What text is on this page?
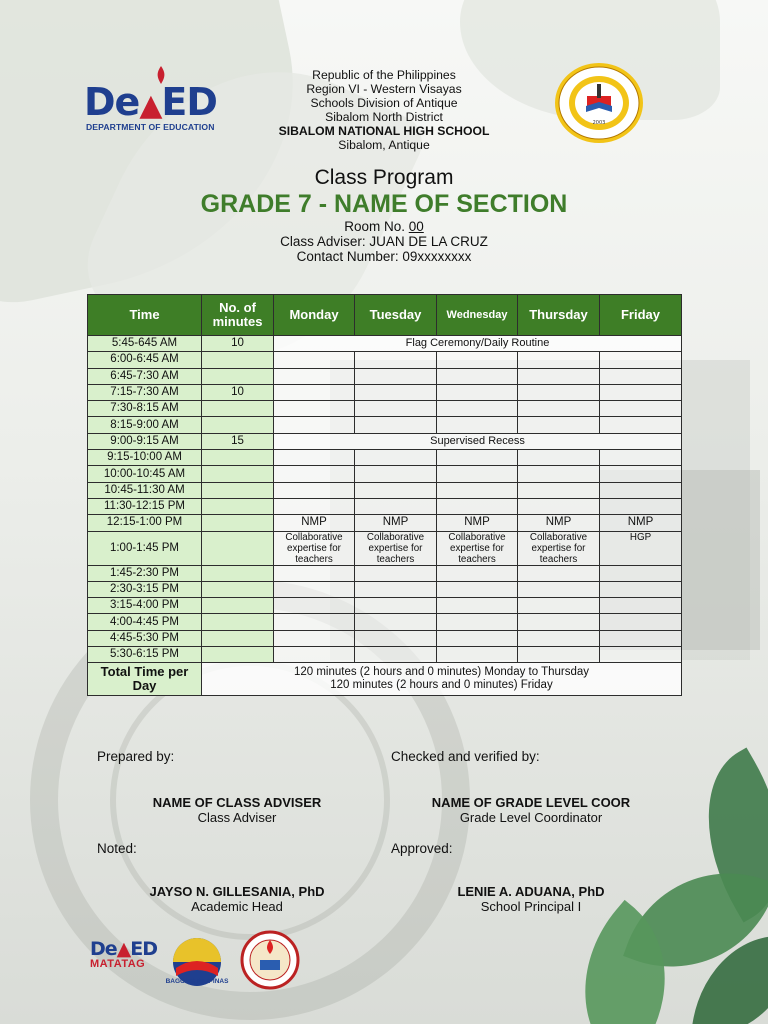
De▲ED
DEPARTMENT OF EDUCATION
Republic of the Philippines
Region VI - Western Visayas
Schools Division of Antique
Sibalom North District
SIBALOM NATIONAL HIGH SCHOOL
Sibalom, Antique
2003
Class Program
GRADE 7 - NAME OF SECTION
Room No. 00
Class Adviser: JUAN DE LA CRUZ
Contact Number: 09xxxxxxxx
Time	No. of minutes	Monday	Tuesday	Wednesday	Thursday	Friday
5:45-645 AM	10	Flag Ceremony/Daily Routine				
6:00-6:45 AM						
6:45-7:30 AM						
7:15-7:30 AM	10					
7:30-8:15 AM						
8:15-9:00 AM						
9:00-9:15 AM	15	Supervised Recess				
9:15-10:00 AM						
10:00-10:45 AM						
10:45-11:30 AM						
11:30-12:15 PM						
12:15-1:00 PM		NMP	NMP	NMP	NMP	NMP
1:00-1:45 PM		Collaborative expertise for teachers	Collaborative expertise for teachers	Collaborative expertise for teachers	Collaborative expertise for teachers	HGP
1:45-2:30 PM						
2:30-3:15 PM						
3:15-4:00 PM						
4:00-4:45 PM						
4:45-5:30 PM						
5:30-6:15 PM						
Total Time per Day	120 minutes (2 hours and 0 minutes) Monday to Thursday
120 minutes (2 hours and 0 minutes) Friday					
Prepared by:	Checked and verified by:
NAME OF CLASS ADVISER
Class Adviser
NAME OF GRADE LEVEL COOR
Grade Level Coordinator
Noted:	Approved:
JAYSO N. GILLESANIA, PhD
Academic Head
LENIE A. ADUANA, PhD
School Principal I
De▲ED
MATATAG
BAGONG PILIPINAS
